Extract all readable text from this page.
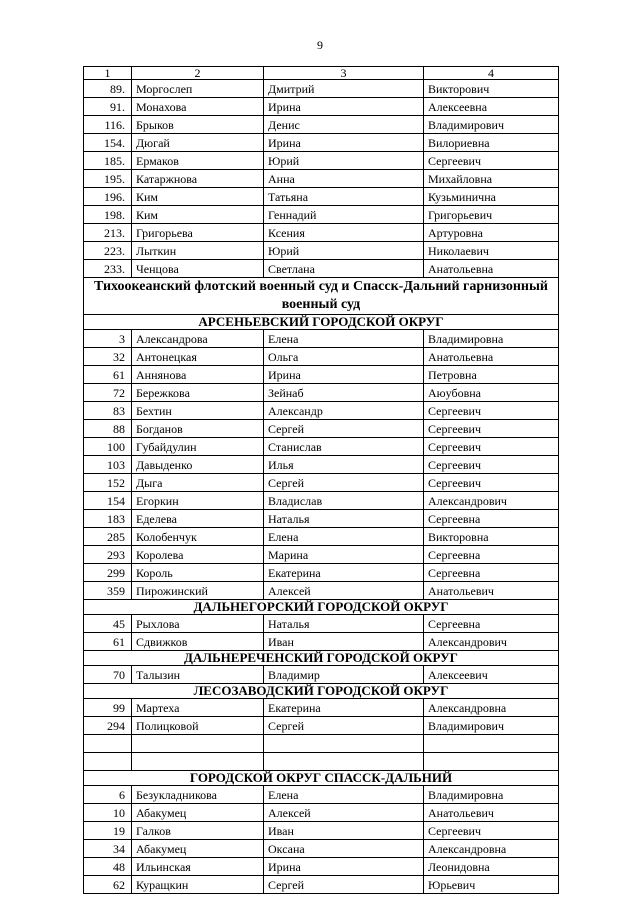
9
1	2	3	4
89.	Моргослеп	Дмитрий	Викторович
91.	Монахова	Ирина	Алексеевна
116.	Брыков	Денис	Владимирович
154.	Дюгай	Ирина	Вилориевна
185.	Ермаков	Юрий	Сергеевич
195.	Катаржнова	Анна	Михайловна
196.	Ким	Татьяна	Кузьминична
198.	Ким	Геннадий	Григорьевич
213.	Григорьева	Ксения	Артуровна
223.	Лыткин	Юрий	Николаевич
233.	Ченцова	Светлана	Анатольевна
Тихоокеанский флотский военный суд и Спасск-Дальний гарнизонный военный суд			
АРСЕНЬЕВСКИЙ ГОРОДСКОЙ ОКРУГ			
3	Александрова	Елена	Владимировна
32	Антонецкая	Ольга	Анатольевна
61	Аннянова	Ирина	Петровна
72	Бережкова	Зейнаб	Аюубовна
83	Бехтин	Александр	Сергеевич
88	Богданов	Сергей	Сергеевич
100	Губайдулин	Станислав	Сергеевич
103	Давыденко	Илья	Сергеевич
152	Дыга	Сергей	Сергеевич
154	Егоркин	Владислав	Александрович
183	Еделева	Наталья	Сергеевна
285	Колобенчук	Елена	Викторовна
293	Королева	Марина	Сергеевна
299	Король	Екатерина	Сергеевна
359	Пирожинский	Алексей	Анатольевич
ДАЛЬНЕГОРСКИЙ ГОРОДСКОЙ ОКРУГ			
45	Рыхлова	Наталья	Сергеевна
61	Сдвижков	Иван	Александрович
ДАЛЬНЕРЕЧЕНСКИЙ ГОРОДСКОЙ ОКРУГ			
70	Талызин	Владимир	Алексеевич
ЛЕСОЗАВОДСКИЙ ГОРОДСКОЙ ОКРУГ			
99	Мартеха	Екатерина	Александровна
294	Полицковой	Сергей	Владимирович

ГОРОДСКОЙ ОКРУГ СПАССК-ДАЛЬНИЙ			
6	Безукладникова	Елена	Владимировна
10	Абакумец	Алексей	Анатольевич
19	Галков	Иван	Сергеевич
34	Абакумец	Оксана	Александровна
48	Ильинская	Ирина	Леонидовна
62	Куращкин	Сергей	Юрьевич
